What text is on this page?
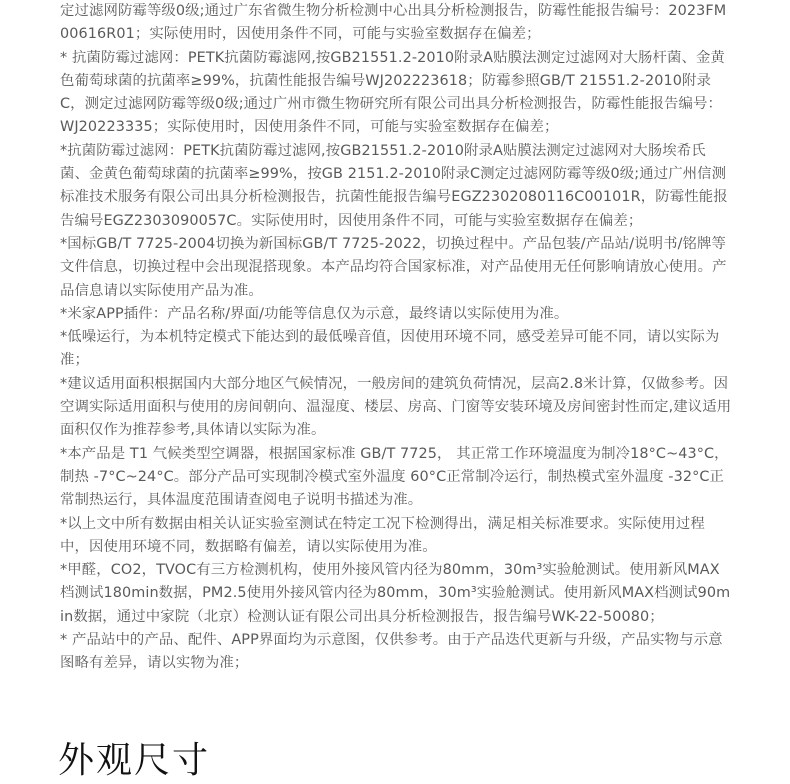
定过滤网防霉等级0级;通过广东省微生物分析检测中心出具分析检测报告，防霉性能报告编号：2023FM00616R01；实际使用时，因使用条件不同，可能与实验室数据存在偏差；

* 抗菌防霉过滤网：PETK抗菌防霉滤网,按GB21551.2-2010附录A贴膜法测定过滤网对大肠杆菌、金黄色葡萄球菌的抗菌率≥99%，抗菌性能报告编号WJ202223618；防霉参照GB/T 21551.2-2010附录C，测定过滤网防霉等级0级;通过广州市微生物研究所有限公司出具分析检测报告，防霉性能报告编号：WJ20223335；实际使用时，因使用条件不同，可能与实验室数据存在偏差；

*抗菌防霉过滤网：PETK抗菌防霉过滤网,按GB21551.2-2010附录A贴膜法测定过滤网对大肠埃希氏菌、金黄色葡萄球菌的抗菌率≥99%，按GB 2151.2-2010附录C测定过滤网防霉等级0级;通过广州信测标准技术服务有限公司出具分析检测报告，抗菌性能报告编号EGZ2302080116C00101R，防霉性能报告编号EGZ2303090057C。实际使用时，因使用条件不同，可能与实验室数据存在偏差；

*国标GB/T 7725-2004切换为新国标GB/T 7725-2022，切换过程中。产品包装/产品站/说明书/铭牌等文件信息，切换过程中会出现混搭现象。本产品均符合国家标准，对产品使用无任何影响请放心使用。产品信息请以实际使用产品为准。

*米家APP插件：产品名称/界面/功能等信息仅为示意，最终请以实际使用为准。

*低噪运行，为本机特定模式下能达到的最低噪音值，因使用环境不同，感受差异可能不同，请以实际为准；

*建议适用面积根据国内大部分地区气候情况，一般房间的建筑负荷情况，层高2.8米计算，仅做参考。因空调实际适用面积与使用的房间朝向、温湿度、楼层、房高、门窗等安装环境及房间密封性而定,建议适用面积仅作为推荐参考,具体请以实际为准。

*本产品是 T1 气候类型空调器，根据国家标准 GB/T 7725， 其正常工作环境温度为制冷18°C~43°C，制热 -7°C~24°C。部分产品可实现制冷模式室外温度 60°C正常制冷运行，制热模式室外温度 -32°C正常制热运行，具体温度范围请查阅电子说明书描述为准。

*以上文中所有数据由相关认证实验室测试在特定工况下检测得出，满足相关标准要求。实际使用过程中，因使用环境不同，数据略有偏差，请以实际使用为准。

*甲醛，CO2，TVOC有三方检测机构，使用外接风管内径为80mm，30m³实验舱测试。使用新风MAX档测试180min数据，PM2.5使用外接风管内径为80mm，30m³实验舱测试。使用新风MAX档测试90min数据，通过中家院（北京）检测认证有限公司出具分析检测报告，报告编号WK-22-50080；

* 产品站中的产品、配件、APP界面均为示意图，仅供参考。由于产品迭代更新与升级，产品实物与示意图略有差异，请以实物为准；

外观尺寸
